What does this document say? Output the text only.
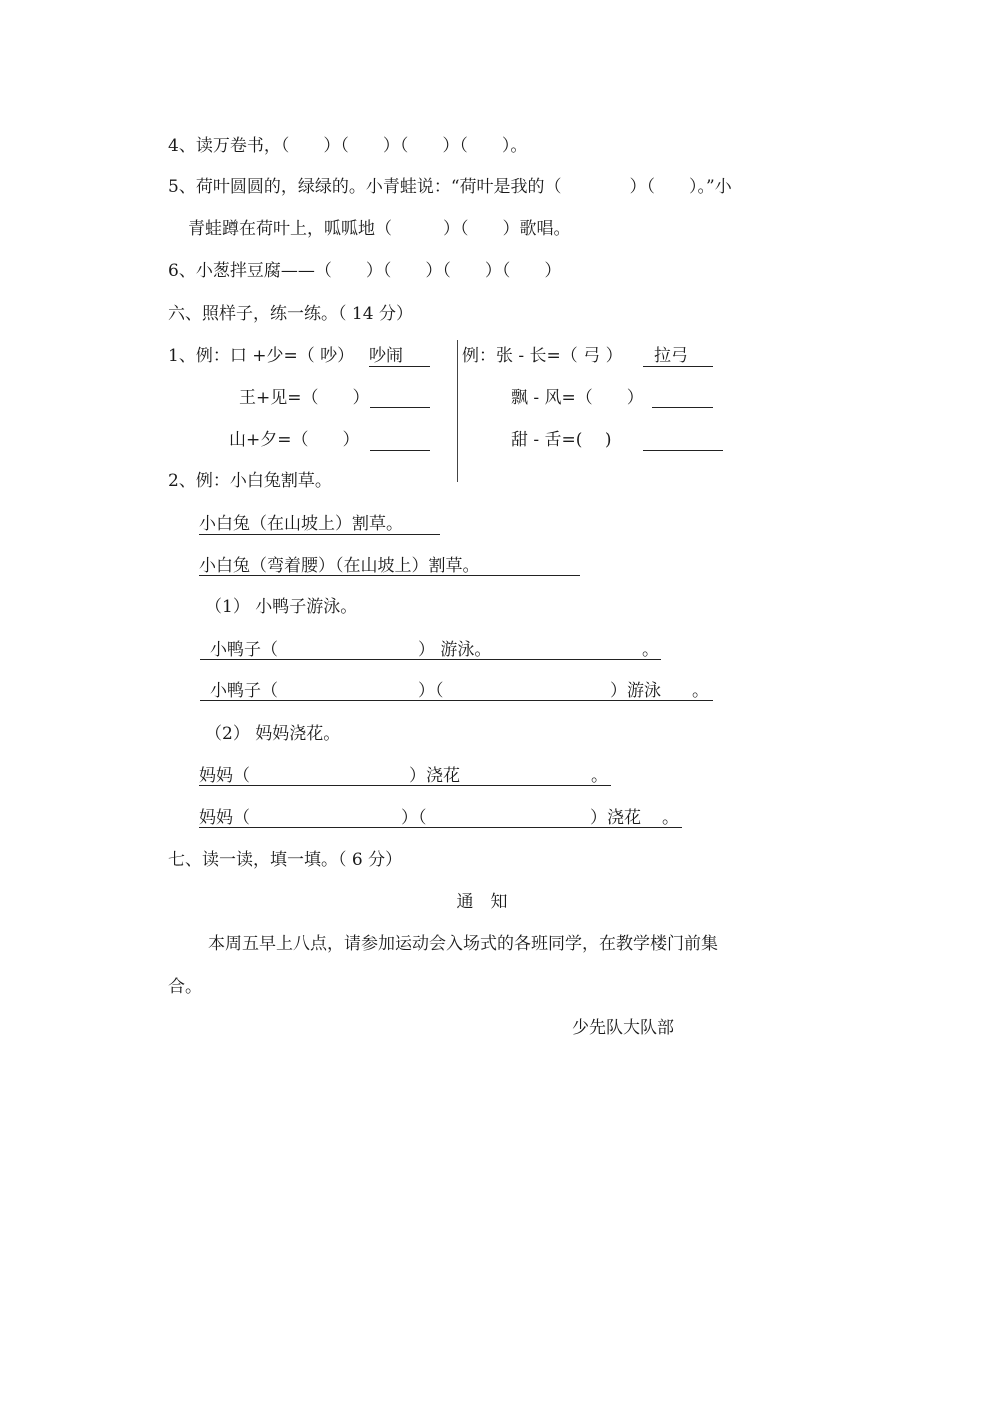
4、读万卷书，（　　）（　　）（　　）（　　）。
5、荷叶圆圆的，绿绿的。小青蛙说：“荷叶是我的（　　　　）（　　）。”小
青蛙蹲在荷叶上，呱呱地（　　　）（　　）歌唱。
6、小葱拌豆腐——（　　）（　　）（　　）（　　）
六、照样子，练一练。（ 14 分）
1、例：口 +少=（ 吵） 吵闹
王+见=（　　）
山+夕=（　　）
例：张 - 长=（ 弓 ） 拉弓
飘 - 风=（　　）
甜 - 舌=(　 )
2、例：小白兔割草。
小白兔（在山坡上）割草。
小白兔（弯着腰）（在山坡上）割草。
（1） 小鸭子游泳。
小鸭子（	） 游泳。	。
小鸭子（	）（	）游泳 。
（2） 妈妈浇花。
妈妈（	）浇花	。
妈妈（	）（	）浇花 。
七、读一读，填一填。（ 6 分）
通　知
本周五早上八点，请参加运动会入场式的各班同学，在教学楼门前集
合。
少先队大队部
